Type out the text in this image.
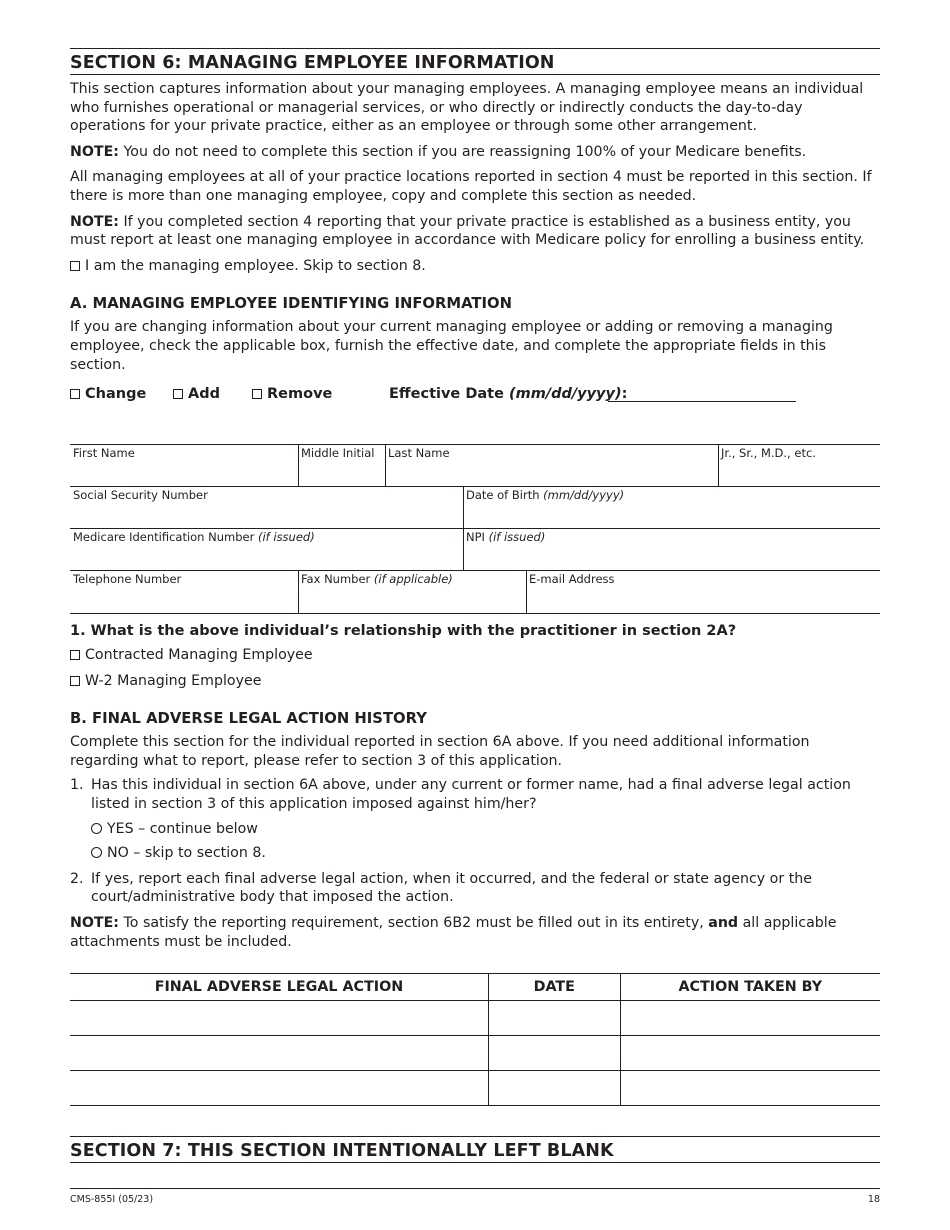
SECTION 6: MANAGING EMPLOYEE INFORMATION

This section captures information about your managing employees. A managing employee means an individual who furnishes operational or managerial services, or who directly or indirectly conducts the day-to-day operations for your private practice, either as an employee or through some other arrangement.

NOTE: You do not need to complete this section if you are reassigning 100% of your Medicare benefits.

All managing employees at all of your practice locations reported in section 4 must be reported in this section. If there is more than one managing employee, copy and complete this section as needed.

NOTE: If you completed section 4 reporting that your private practice is established as a business entity, you must report at least one managing employee in accordance with Medicare policy for enrolling a business entity.

I am the managing employee. Skip to section 8.
A. MANAGING EMPLOYEE IDENTIFYING INFORMATION

If you are changing information about your current managing employee or adding or removing a managing employee, check the applicable box, furnish the effective date, and complete the appropriate fields in this section.

Change	Add	Remove	Effective Date (mm/dd/yyyy):
First Name	Middle Initial	Last Name	Jr., Sr., M.D., etc.
Social Security Number	Date of Birth (mm/dd/yyyy)
Medicare Identification Number (if issued)	NPI (if issued)
Telephone Number	Fax Number (if applicable)	E-mail Address
1. What is the above individual’s relationship with the practitioner in section 2A?
Contracted Managing Employee
W-2 Managing Employee
B. FINAL ADVERSE LEGAL ACTION HISTORY

Complete this section for the individual reported in section 6A above. If you need additional information regarding what to report, please refer to section 3 of this application.

1. Has this individual in section 6A above, under any current or former name, had a final adverse legal action listed in section 3 of this application imposed against him/her?

YES – continue below
NO – skip to section 8.
2. If yes, report each final adverse legal action, when it occurred, and the federal or state agency or the court/administrative body that imposed the action.

NOTE: To satisfy the reporting requirement, section 6B2 must be filled out in its entirety, and all applicable attachments must be included.

FINAL ADVERSE LEGAL ACTION	DATE	ACTION TAKEN BY

SECTION 7: THIS SECTION INTENTIONALLY LEFT BLANK
CMS-855I (05/23)	18
